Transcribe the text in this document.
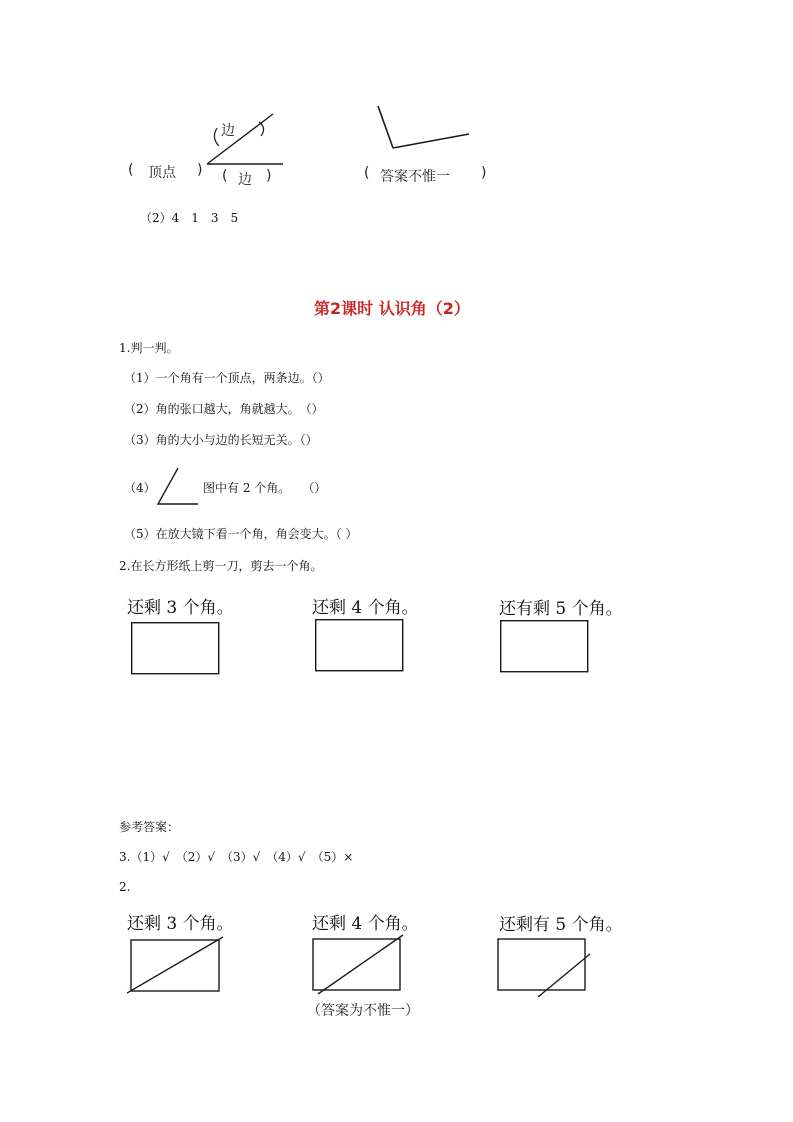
边
( 顶点 ) ( 边 )	( 答案不惟一 )
（2）4　1　3　5
第2课时 认识角（2）
1.判一判。
（1）一个角有一个顶点，两条边。（）
（2）角的张口越大，角就越大。　（）
（3）角的大小与边的长短无关。（）
（4）	图中有 2 个角。　　（）
（5）在放大镜下看一个角，角会变大。（ ）
2.在长方形纸上剪一刀，剪去一个角。
还剩 3 个角。	还剩 4 个角。	还有剩 5 个角。
参考答案：
3.（1）√　（2）√　（3）√　（4）√　（5）×
2.
还剩 3 个角。	还剩 4 个角。	还剩有 5 个角。
（答案为不惟一）
